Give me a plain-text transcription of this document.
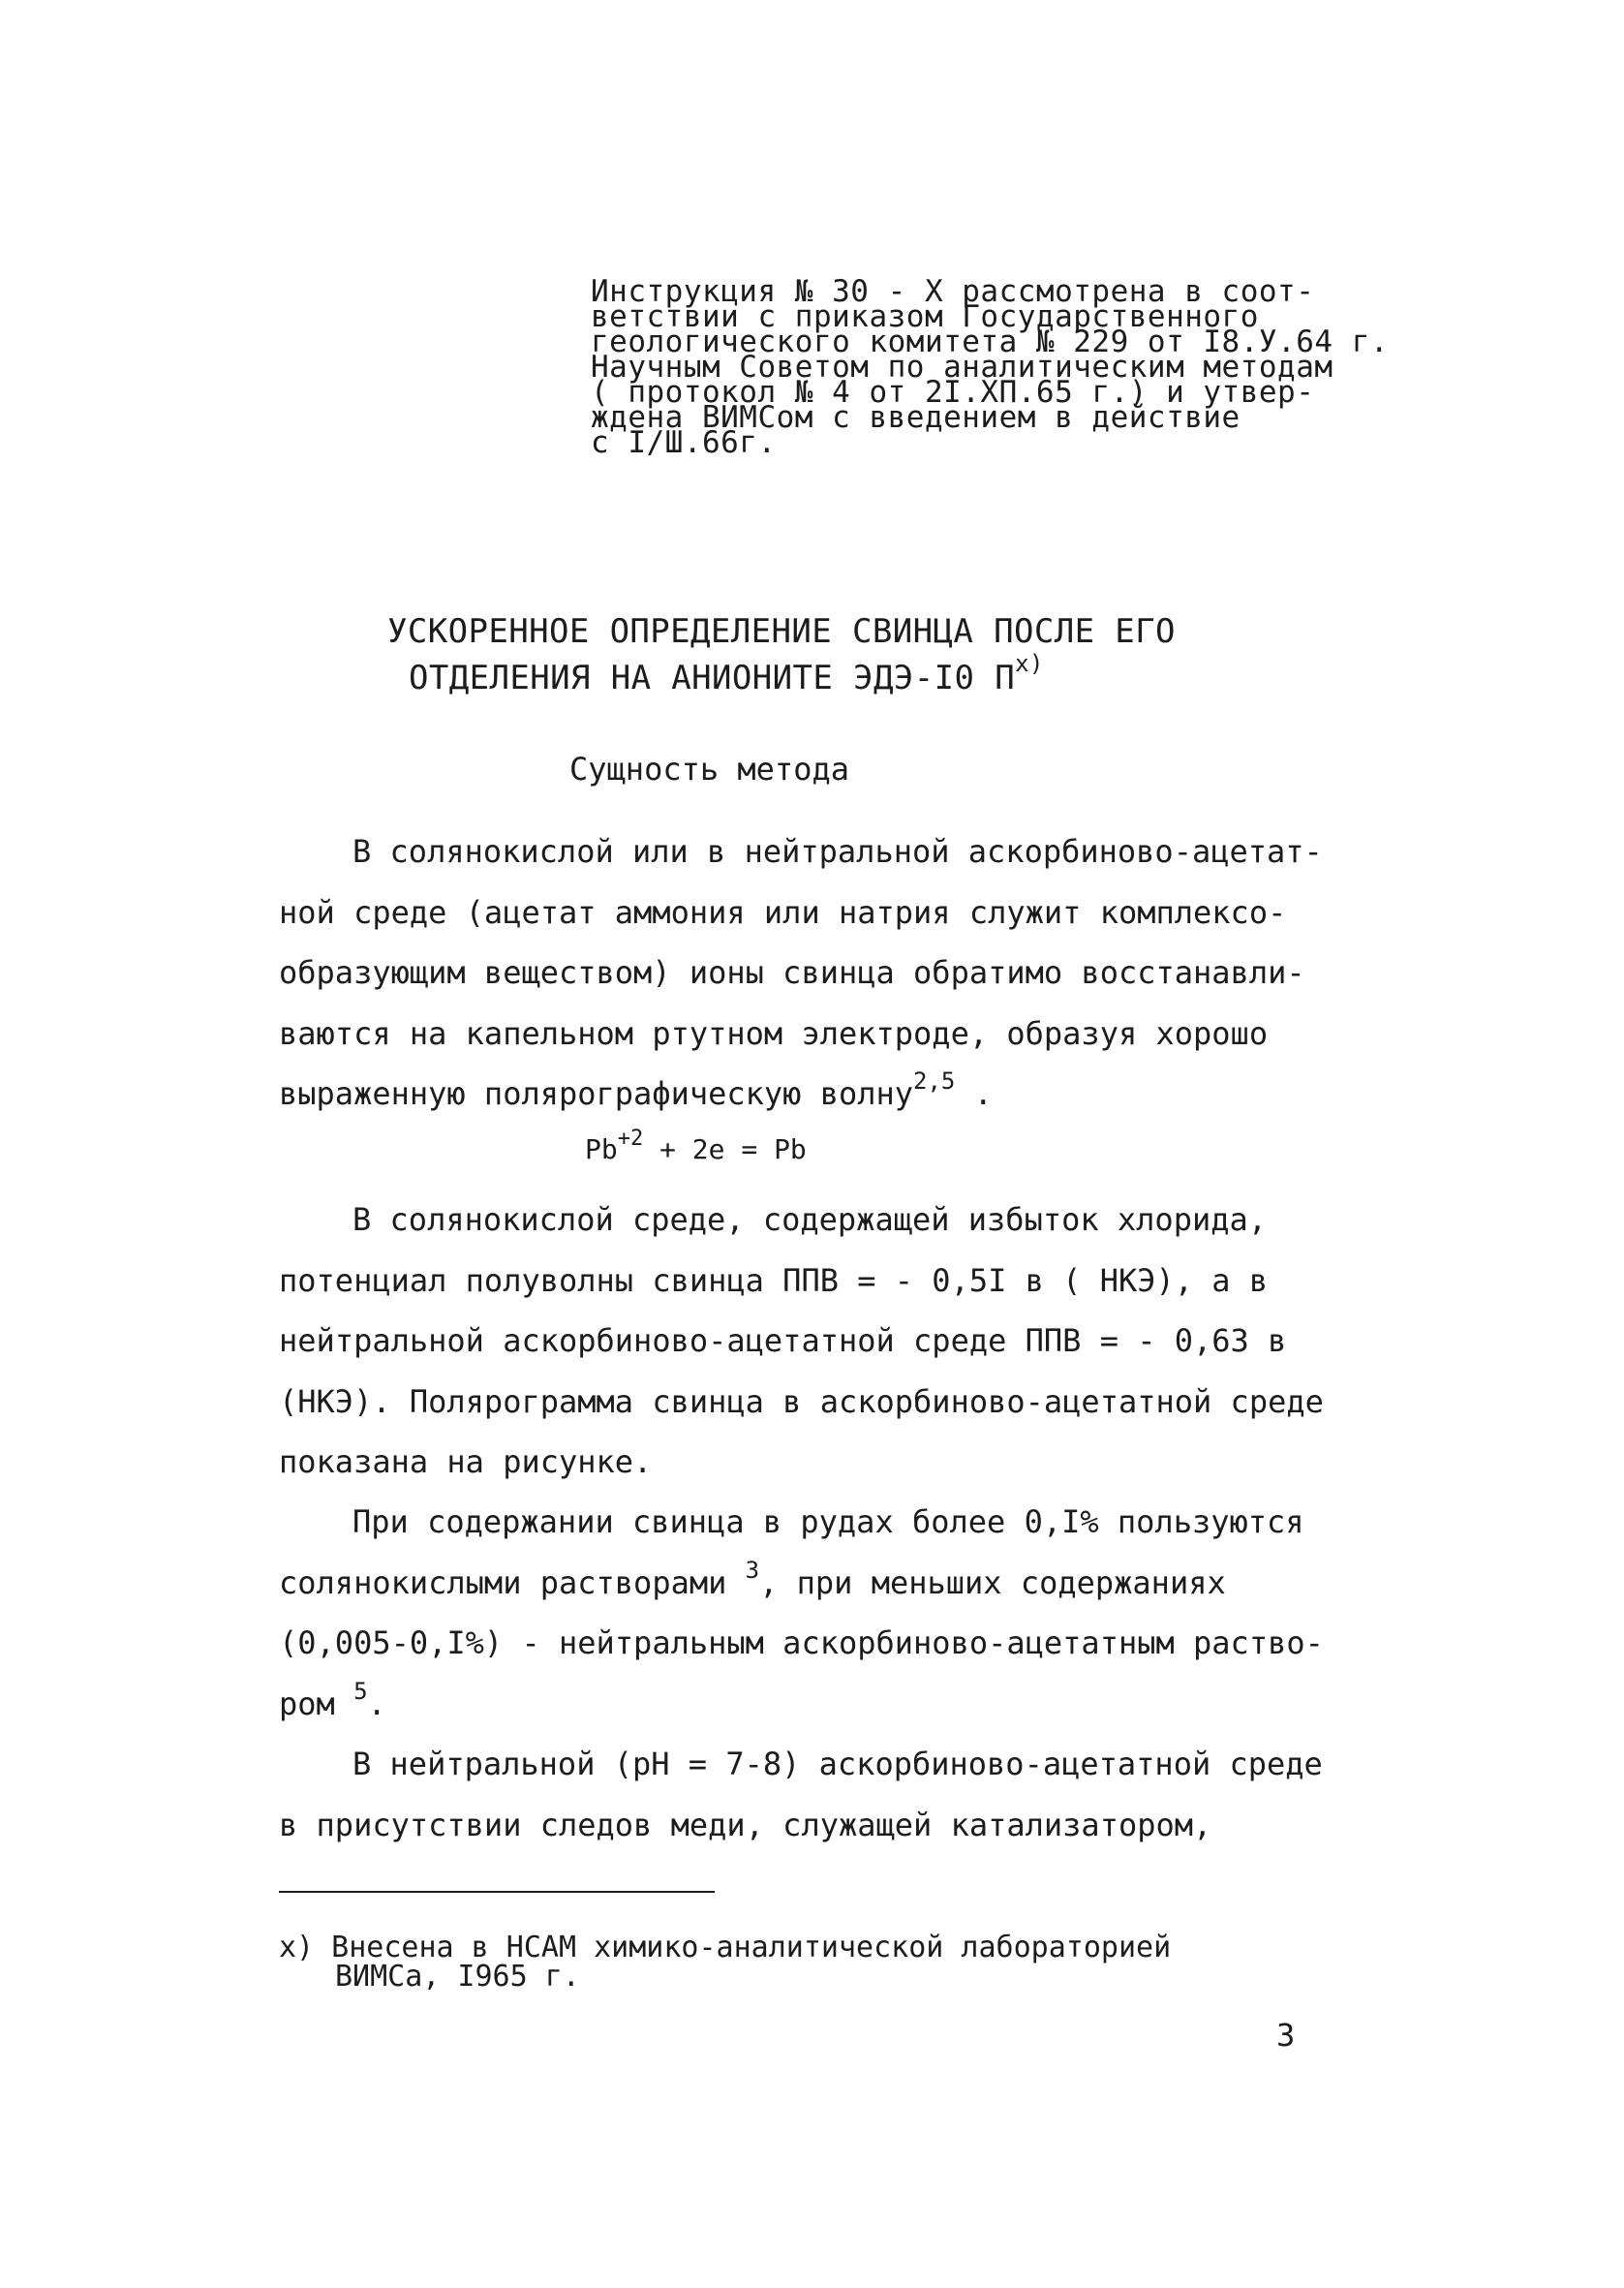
Инструкция № 30 - Х рассмотрена в соот-
ветствии с приказом Государственного
геологического комитета № 229 от I8.У.64 г.
Научным Советом по аналитическим методам
( протокол № 4 от 2I.ХП.65 г.) и утвер-
ждена ВИМСом с введением в действие
с I/Ш.66г.
УСКОРЕННОЕ ОПРЕДЕЛЕНИЕ СВИНЦА ПОСЛЕ ЕГО
ОТДЕЛЕНИЯ НА АНИОНИТЕ ЭДЭ-I0 $П^{x)}$
Сущность метода
В солянокислой или в нейтральной аскорбиново-ацетат-
ной среде (ацетат аммония или натрия служит комплексо-
образующим веществом) ионы свинца обратимо восстанавли-
ваются на капельном ртутном электроде, образуя хорошо
выраженную полярографическую волну$^{2,5}$ .
$Pb^{+2} + 2e = Pb$
В солянокислой среде, содержащей избыток хлорида,
потенциал полуволны свинца ППВ = - 0,5I в ( НКЭ), а в
нейтральной аскорбиново-ацетатной среде ППВ = - 0,63 в
(НКЭ). Полярограмма свинца в аскорбиново-ацетатной среде
показана на рисунке.
При содержании свинца в рудах более 0,I% пользуются
солянокислыми растворами $^3$, при меньших содержаниях
(0,005-0,I%) - нейтральным аскорбиново-ацетатным раство-
ром $^5$.
В нейтральной (pH = 7-8) аскорбиново-ацетатной среде
в присутствии следов меди, служащей катализатором,
x) Внесена в НСАМ химико-аналитической лабораторией
ВИМСа, I965 г.
3
